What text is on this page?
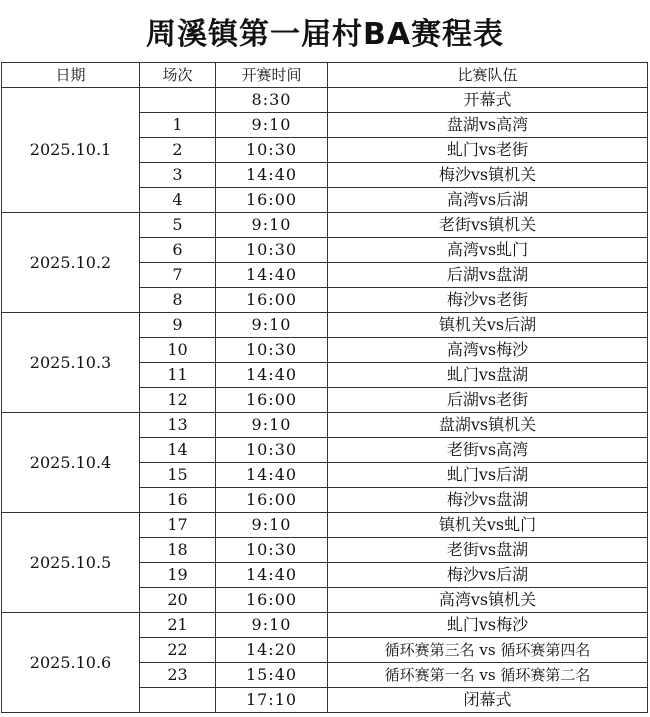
周溪镇第一届村BA赛程表
日期	场次	开赛时间	比赛队伍
2025.10.1		8:30	开幕式
	1	9:10	盘湖vs高湾
	2	10:30	虬门vs老街
	3	14:40	梅沙vs镇机关
	4	16:00	高湾vs后湖
2025.10.2	5	9:10	老街vs镇机关
	6	10:30	高湾vs虬门
	7	14:40	后湖vs盘湖
	8	16:00	梅沙vs老街
2025.10.3	9	9:10	镇机关vs后湖
	10	10:30	高湾vs梅沙
	11	14:40	虬门vs盘湖
	12	16:00	后湖vs老街
2025.10.4	13	9:10	盘湖vs镇机关
	14	10:30	老街vs高湾
	15	14:40	虬门vs后湖
	16	16:00	梅沙vs盘湖
2025.10.5	17	9:10	镇机关vs虬门
	18	10:30	老街vs盘湖
	19	14:40	梅沙vs后湖
	20	16:00	高湾vs镇机关
2025.10.6	21	9:10	虬门vs梅沙
	22	14:20	循环赛第三名 vs 循环赛第四名
	23	15:40	循环赛第一名 vs 循环赛第二名
		17:10	闭幕式
